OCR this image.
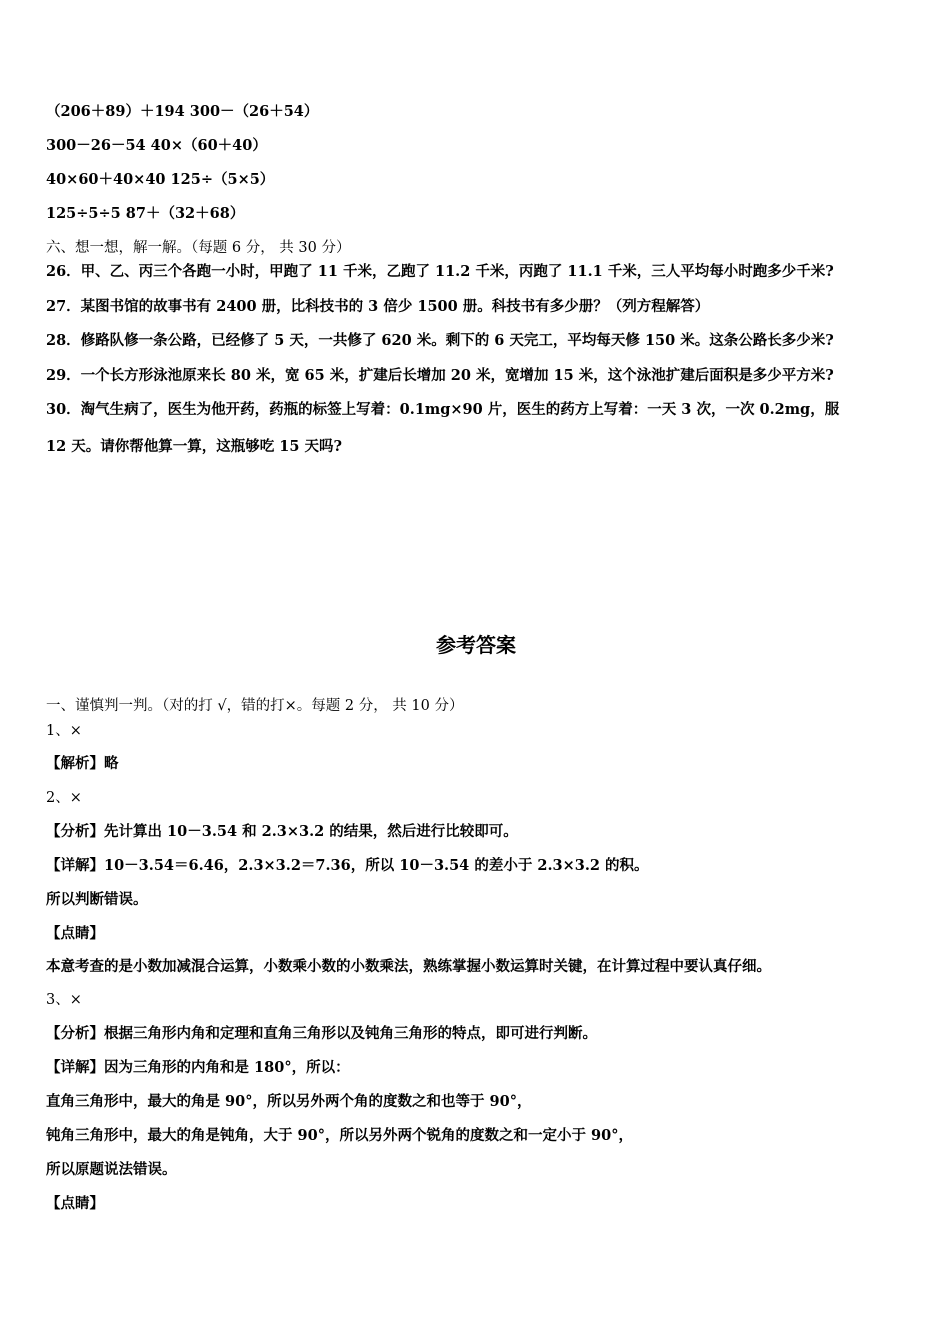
（206＋89）＋194 300－（26＋54）
300－26－54 40×（60＋40）
40×60＋40×40 125÷（5×5）
125÷5÷5 87＋（32＋68）
六、想一想，解一解。（每题 6 分， 共 30 分）
26．甲、乙、丙三个各跑一小时，甲跑了 11 千米，乙跑了 11.2 千米，丙跑了 11.1 千米，三人平均每小时跑多少千米?
27．某图书馆的故事书有 2400 册，比科技书的 3 倍少 1500 册。科技书有多少册？（列方程解答）
28．修路队修一条公路，已经修了 5 天，一共修了 620 米。剩下的 6 天完工，平均每天修 150 米。这条公路长多少米?
29．一个长方形泳池原来长 80 米，宽 65 米，扩建后长增加 20 米，宽增加 15 米，这个泳池扩建后面积是多少平方米?
30．淘气生病了，医生为他开药，药瓶的标签上写着：0.1mg×90 片，医生的药方上写着：一天 3 次，一次 0.2mg，服
12 天。请你帮他算一算，这瓶够吃 15 天吗?
参考答案
一、谨慎判一判。（对的打 √，错的打×。每题 2 分， 共 10 分）
1、×
【解析】略
2、×
【分析】先计算出 10－3.54 和 2.3×3.2 的结果，然后进行比较即可。
【详解】10－3.54＝6.46，2.3×3.2＝7.36，所以 10－3.54 的差小于 2.3×3.2 的积。
所以判断错误。
【点睛】
本意考查的是小数加减混合运算，小数乘小数的小数乘法，熟练掌握小数运算时关键，在计算过程中要认真仔细。
3、×
【分析】根据三角形内角和定理和直角三角形以及钝角三角形的特点，即可进行判断。
【详解】因为三角形的内角和是 180°，所以：
直角三角形中，最大的角是 90°，所以另外两个角的度数之和也等于 90°，
钝角三角形中，最大的角是钝角，大于 90°，所以另外两个锐角的度数之和一定小于 90°，
所以原题说法错误。
【点睛】
